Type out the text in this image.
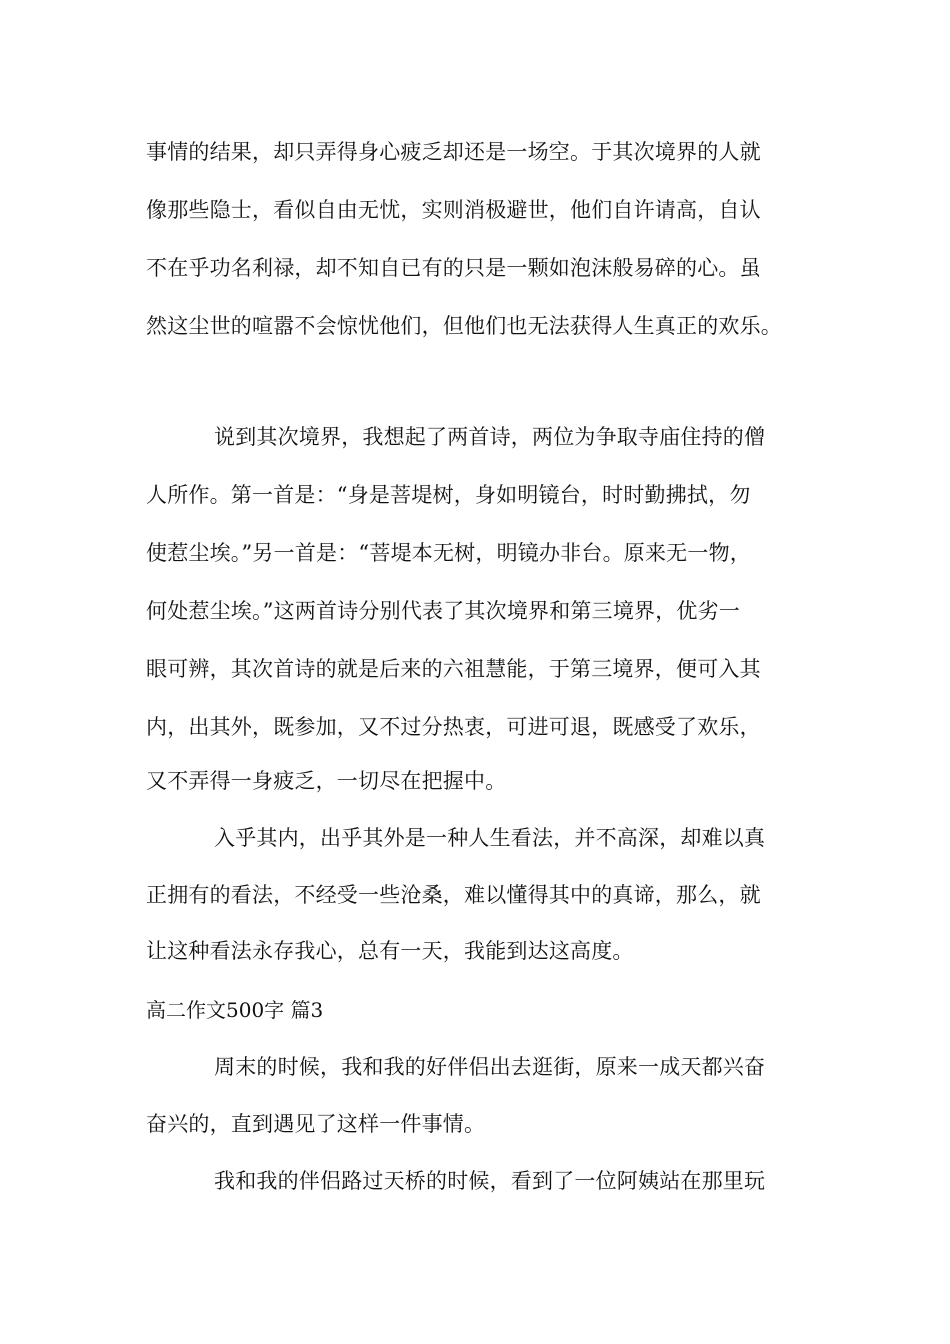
事情的结果，却只弄得身心疲乏却还是一场空。于其次境界的人就
像那些隐士，看似自由无忧，实则消极避世，他们自许请高，自认
不在乎功名利禄，却不知自已有的只是一颗如泡沫般易碎的心。虽
然这尘世的喧嚣不会惊忧他们，但他们也无法获得人生真正的欢乐。
说到其次境界，我想起了两首诗，两位为争取寺庙住持的僧
人所作。第一首是：“身是菩堤树，身如明镜台，时时勤拂拭，勿
使惹尘埃。”另一首是：“菩堤本无树，明镜办非台。原来无一物，
何处惹尘埃。”这两首诗分别代表了其次境界和第三境界，优劣一
眼可辨，其次首诗的就是后来的六祖慧能，于第三境界，便可入其
内，出其外，既参加，又不过分热衷，可进可退，既感受了欢乐，
又不弄得一身疲乏，一切尽在把握中。
入乎其内，出乎其外是一种人生看法，并不高深，却难以真
正拥有的看法，不经受一些沧桑，难以懂得其中的真谛，那么，就
让这种看法永存我心，总有一天，我能到达这高度。
高二作文500字 篇3
周末的时候，我和我的好伴侣出去逛街，原来一成天都兴奋
奋兴的，直到遇见了这样一件事情。
我和我的伴侣路过天桥的时候，看到了一位阿姨站在那里玩
